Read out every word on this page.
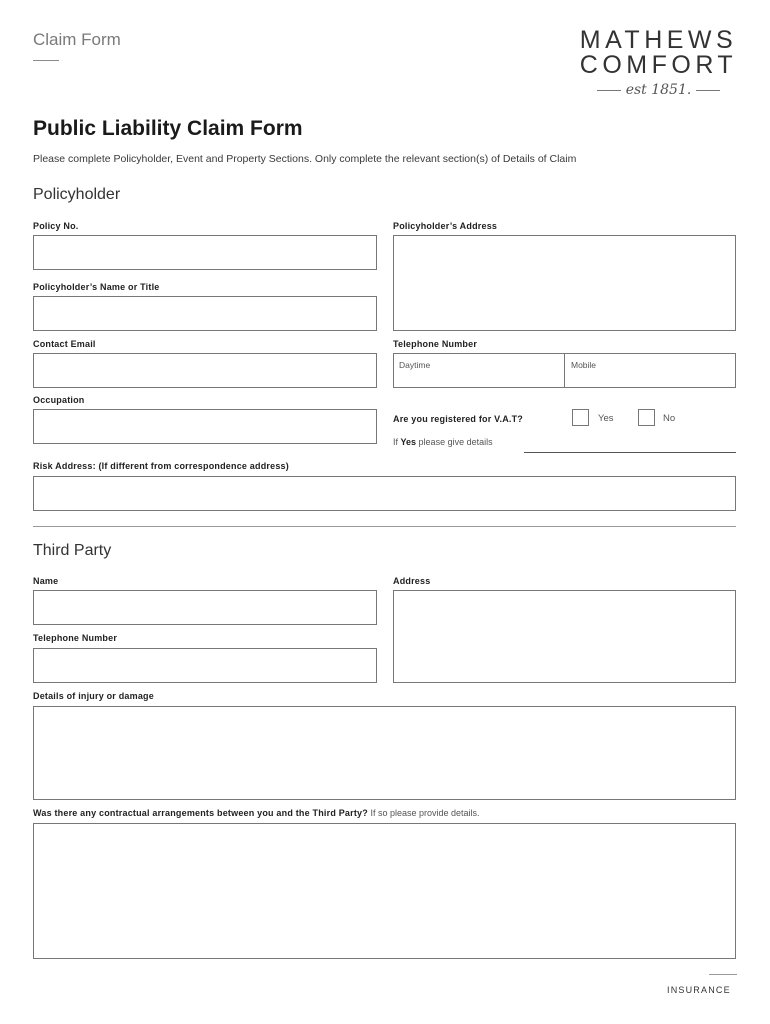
Claim Form	MATHEWS
COMFORT
est 1851.
Public Liability Claim Form
Please complete Policyholder, Event and Property Sections. Only complete the relevant section(s) of Details of Claim
Policyholder
Policy No.	Policyholder’s Address
Policyholder’s Name or Title
Contact Email	Telephone Number
Daytime	Mobile
Occupation
Are you registered for V.A.T?	Yes	No
If Yes please give details
Risk Address: (If different from correspondence address)
Third Party
Name	Address
Telephone Number
Details of injury or damage
Was there any contractual arrangements between you and the Third Party? If so please provide details.
INSURANCE
